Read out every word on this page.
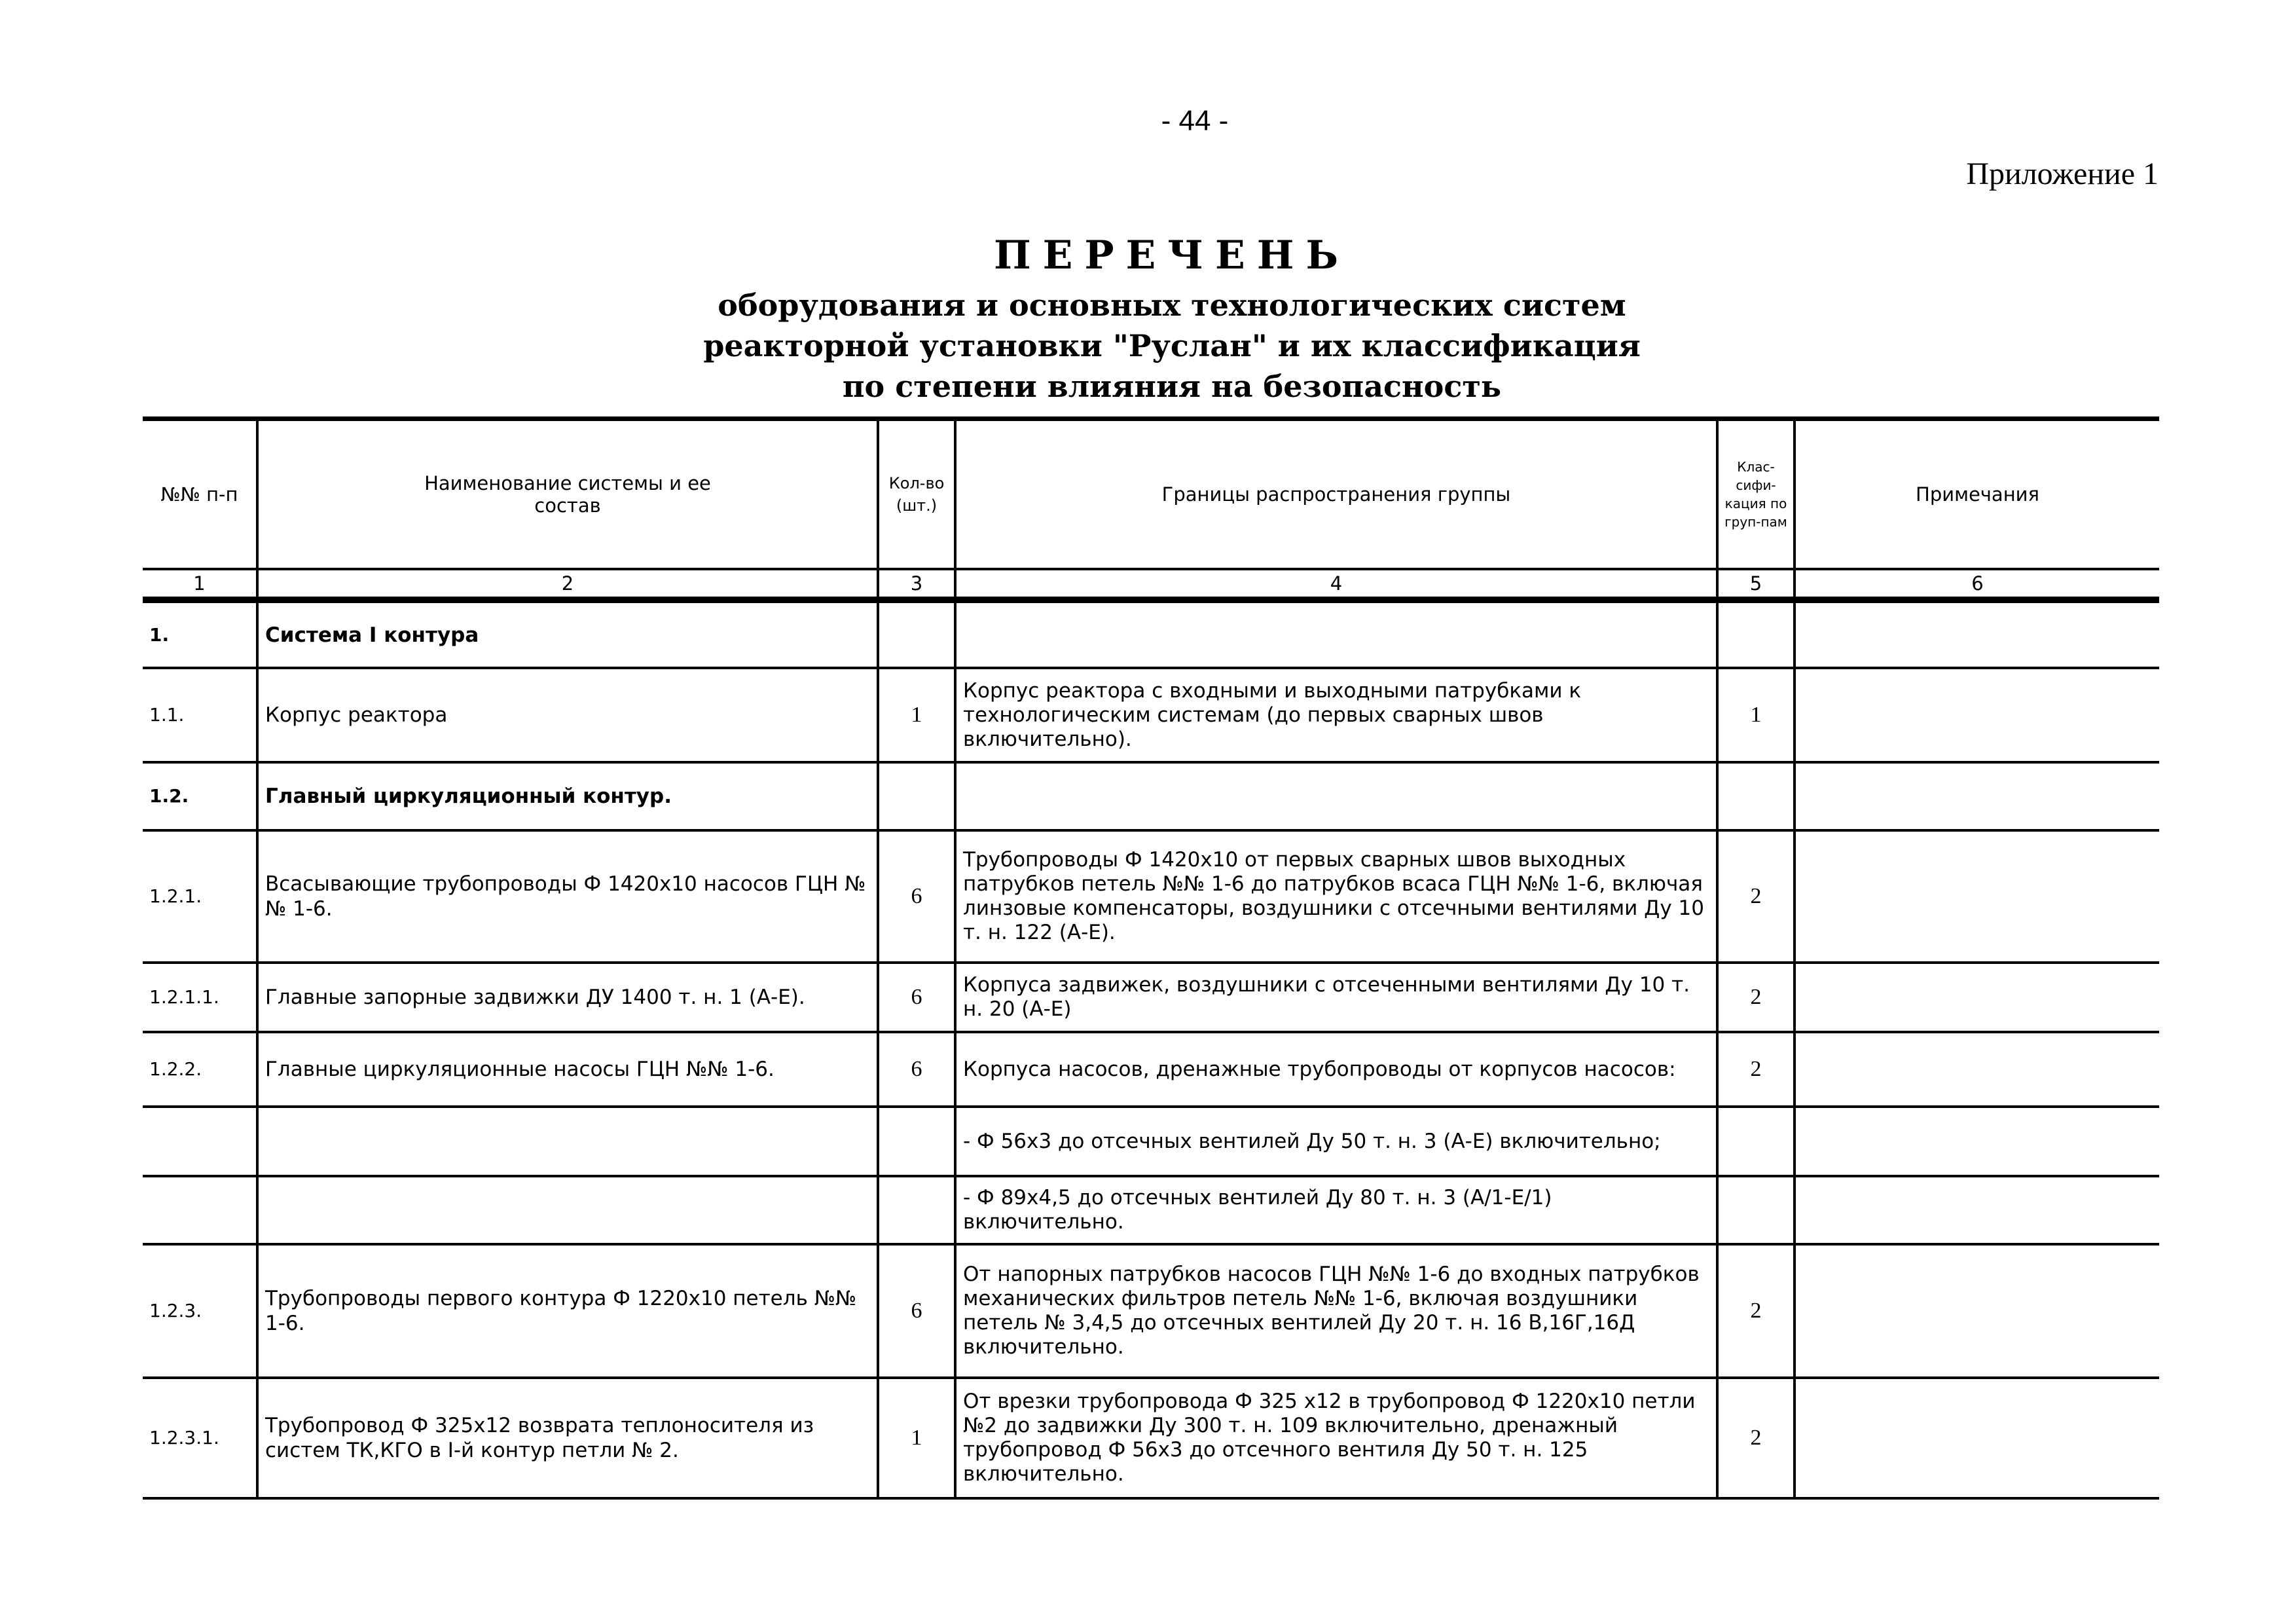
- 44 -
Приложение 1
ПЕРЕЧЕНЬ
оборудования и основных технологических систем
реакторной установки "Руслан" и их классификация
по степени влияния на безопасность
№№ п-п	Наименование системы и ее состав	Кол-во (шт.)	Границы распространения группы	Клас-сифи-кация по груп-пам	Примечания
1	2	3	4	5	6
1.	Система I контура				
1.1.	Корпус реактора	1	Корпус реактора с входными и выходными патрубками к технологическим системам (до первых сварных швов включительно).	1	
1.2.	Главный циркуляционный контур.				
1.2.1.	Всасывающие трубопроводы Ф 1420х10 насосов ГЦН №№ 1-6.	6	Трубопроводы Ф 1420х10 от первых сварных швов выходных патрубков петель №№ 1-6 до патрубков всаса ГЦН №№ 1-6, включая линзовые компенсаторы, воздушники с отсечными вентилями Ду 10 т. н. 122 (А-Е).	2	
1.2.1.1.	Главные запорные задвижки ДУ 1400 т. н. 1 (А-Е).	6	Корпуса задвижек, воздушники с отсеченными вентилями Ду 10 т. н. 20 (А-Е)	2	
1.2.2.	Главные циркуляционные насосы ГЦН №№ 1-6.	6	Корпуса насосов, дренажные трубопроводы от корпусов насосов:	2	
			- Ф 56х3 до отсечных вентилей Ду 50 т. н. 3 (А-Е) включительно;		
			- Ф 89х4,5 до отсечных вентилей Ду 80 т. н. 3 (А/1-Е/1) включительно.		
1.2.3.	Трубопроводы первого контура Ф 1220х10 петель №№ 1-6.	6	От напорных патрубков насосов ГЦН №№ 1-6 до входных патрубков механических фильтров петель №№ 1-6, включая воздушники петель № 3,4,5 до отсечных вентилей Ду 20 т. н. 16 В,16Г,16Д включительно.	2	
1.2.3.1.	Трубопровод Ф 325х12 возврата теплоносителя из систем ТК,КГО в I-й контур петли № 2.	1	От врезки трубопровода Ф 325 х12 в трубопровод Ф 1220х10 петли №2 до задвижки Ду 300 т. н. 109 включительно, дренажный трубопровод Ф 56х3 до отсечного вентиля Ду 50 т. н. 125 включительно.	2	
